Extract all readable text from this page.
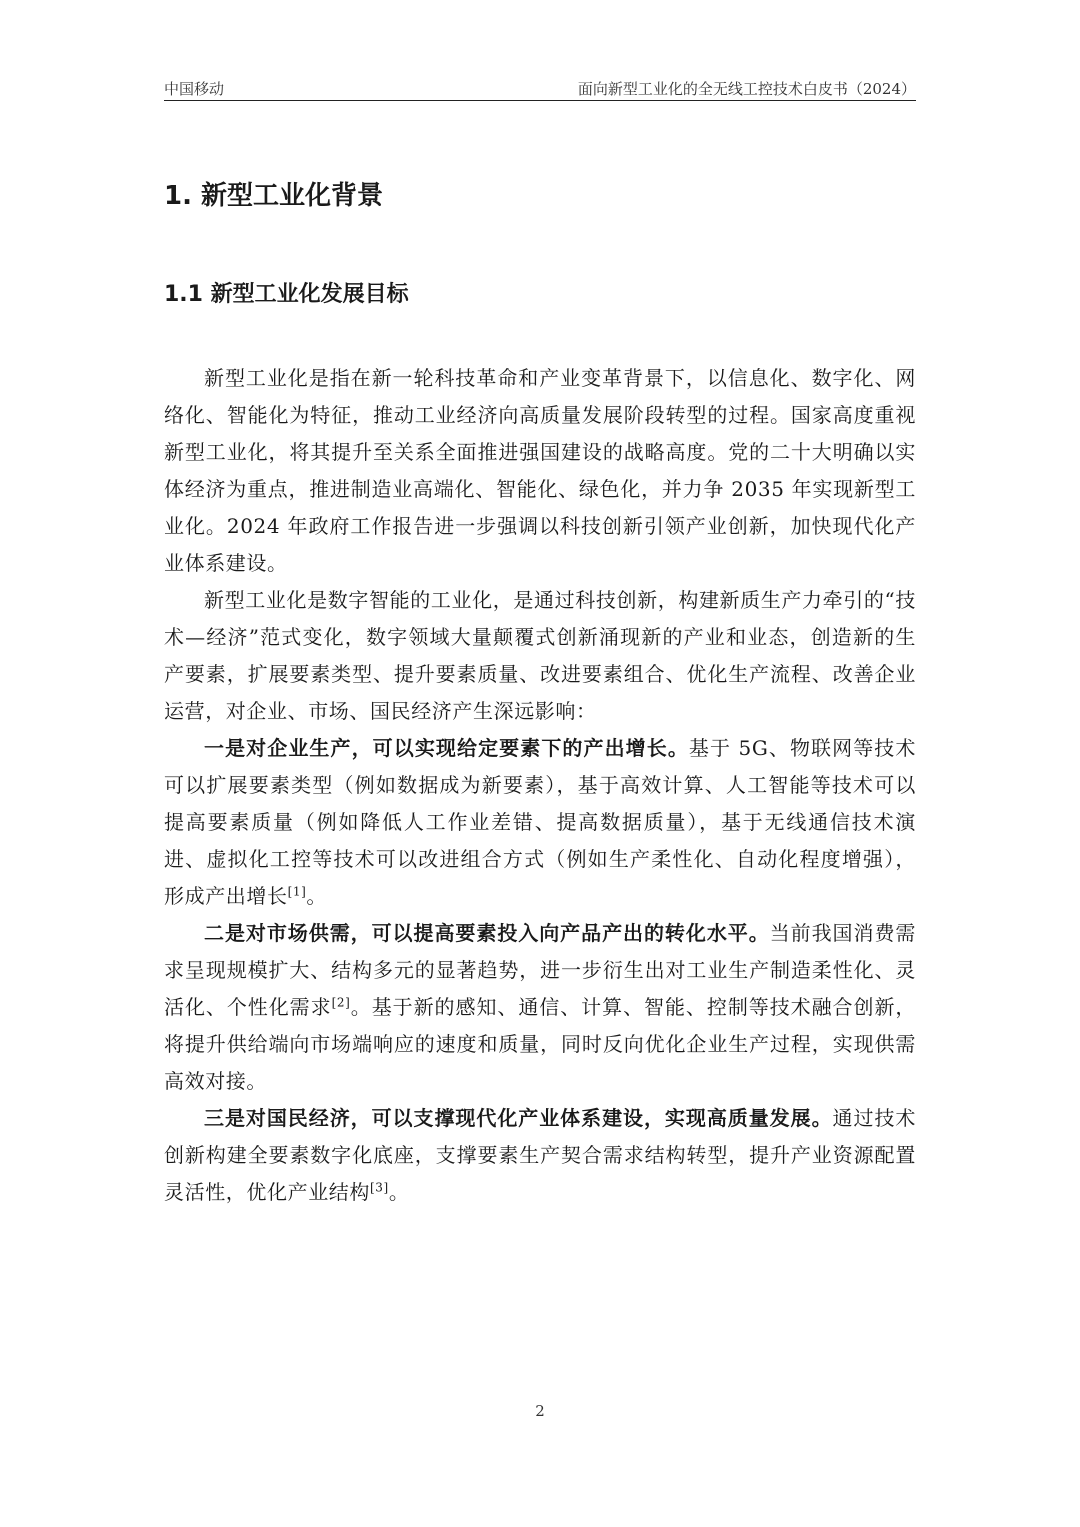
中国移动	面向新型工业化的全无线工控技术白皮书（2024）
1. 新型工业化背景
1.1 新型工业化发展目标

新型工业化是指在新一轮科技革命和产业变革背景下，以信息化、数字化、网络化、智能化为特征，推动工业经济向高质量发展阶段转型的过程。国家高度重视新型工业化，将其提升至关系全面推进强国建设的战略高度。党的二十大明确以实体经济为重点，推进制造业高端化、智能化、绿色化，并力争 2035 年实现新型工业化。2024 年政府工作报告进一步强调以科技创新引领产业创新，加快现代化产业体系建设。

新型工业化是数字智能的工业化，是通过科技创新，构建新质生产力牵引的“技术—经济”范式变化，数字领域大量颠覆式创新涌现新的产业和业态，创造新的生产要素，扩展要素类型、提升要素质量、改进要素组合、优化生产流程、改善企业运营，对企业、市场、国民经济产生深远影响：

一是对企业生产，可以实现给定要素下的产出增长。基于 5G、物联网等技术可以扩展要素类型（例如数据成为新要素），基于高效计算、人工智能等技术可以提高要素质量（例如降低人工作业差错、提高数据质量），基于无线通信技术演进、虚拟化工控等技术可以改进组合方式（例如生产柔性化、自动化程度增强），形成产出增长[1]。

二是对市场供需，可以提高要素投入向产品产出的转化水平。当前我国消费需求呈现规模扩大、结构多元的显著趋势，进一步衍生出对工业生产制造柔性化、灵活化、个性化需求[2]。基于新的感知、通信、计算、智能、控制等技术融合创新，将提升供给端向市场端响应的速度和质量，同时反向优化企业生产过程，实现供需高效对接。

三是对国民经济，可以支撑现代化产业体系建设，实现高质量发展。通过技术创新构建全要素数字化底座，支撑要素生产契合需求结构转型，提升产业资源配置灵活性，优化产业结构[3]。

2
